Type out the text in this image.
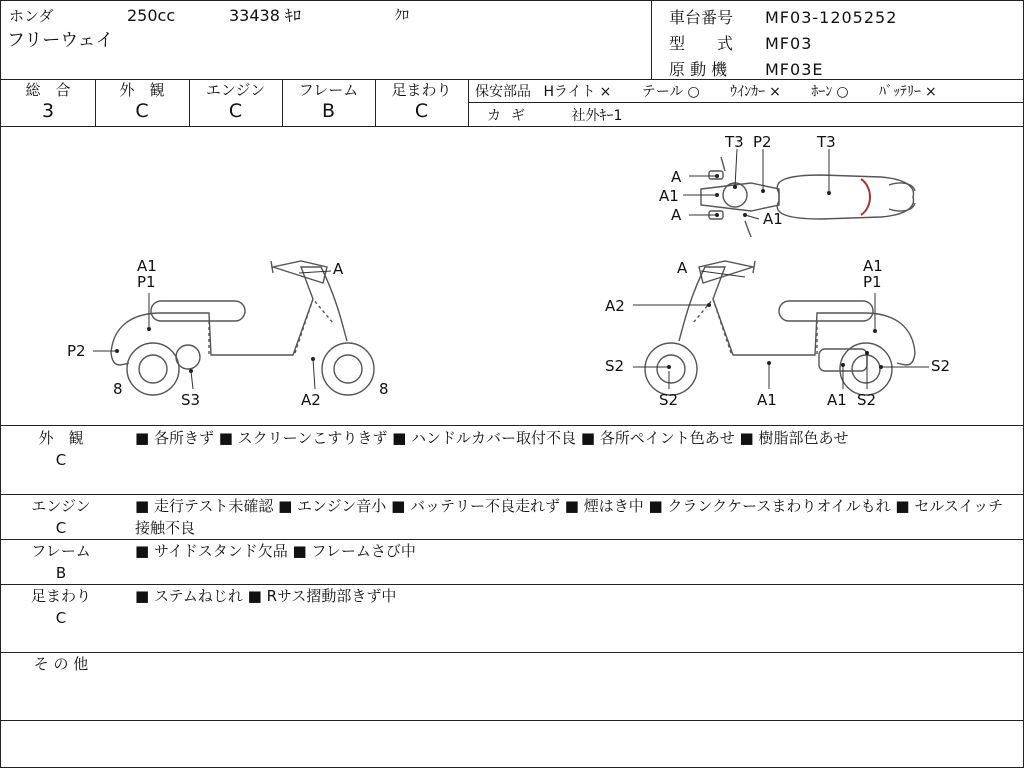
ホンダ	250cc	33438 ｷﾛ	ｸﾛ
フリーウェイ
車台番号 MF03-1205252
型　　式 MF03
原 動 機 MF03E
総　合
3
外　観
C
エンジン
C
フレーム
B
足まわり
C
保安部品 Hライト × テール ○ ｳｲﾝｶｰ × ﾎｰﾝ ○ ﾊﾞｯﾃﾘｰ ×
カギ	社外ｷｰ1
T3 P2	T3
A
A1
A	A1
A1
P1
A
P2
8
S3	A2
8
A	A1
P1
A2
S2
S2	A1	A1 S2
S2
外　観
C
■ 各所きず ■ スクリーンこすりきず ■ ハンドルカバー取付不良 ■ 各所ペイント色あせ ■ 樹脂部色あせ
エンジン
C
■ 走行テスト未確認 ■ エンジン音小 ■ バッテリー不良走れず ■ 煙はき中 ■ クランクケースまわりオイルもれ ■ セルスイッチ接触不良
フレーム
B
■ サイドスタンド欠品 ■ フレームさび中
足まわり
C
■ ステムねじれ ■ Rサス摺動部きず中
そ の 他
